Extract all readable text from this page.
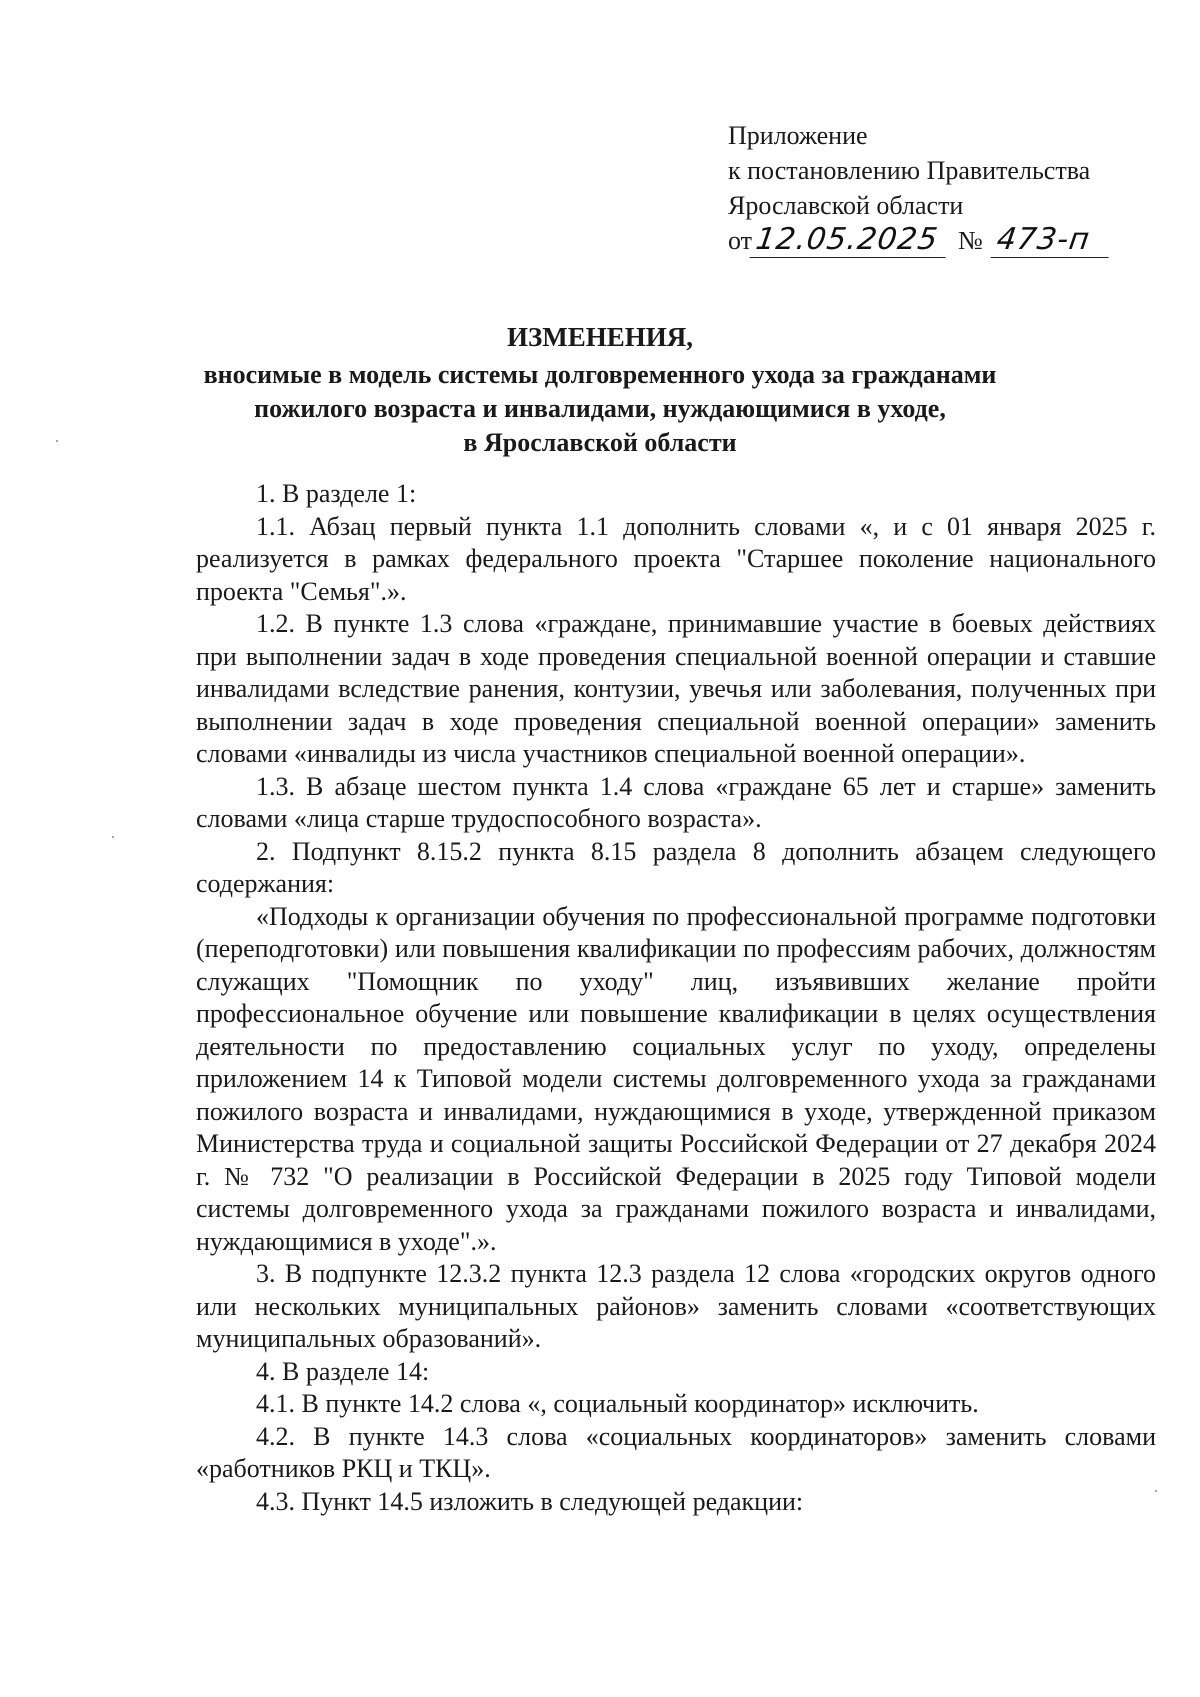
Приложение
к постановлению Правительства
Ярославской области
от 12.05.2025 № 473-п
ИЗМЕНЕНИЯ,
вносимые в модель системы долговременного ухода за гражданами
пожилого возраста и инвалидами, нуждающимися в уходе,
в Ярославской области

1. В разделе 1:

1.1. Абзац первый пункта 1.1 дополнить словами «, и с 01 января 2025 г. реализуется в рамках федерального проекта "Старшее поколение национального проекта "Семья".».

1.2. В пункте 1.3 слова «граждане, принимавшие участие в боевых действиях при выполнении задач в ходе проведения специальной военной операции и ставшие инвалидами вследствие ранения, контузии, увечья или заболевания, полученных при выполнении задач в ходе проведения специальной военной операции» заменить словами «инвалиды из числа участников специальной военной операции».

1.3. В абзаце шестом пункта 1.4 слова «граждане 65 лет и старше» заменить словами «лица старше трудоспособного возраста».

2. Подпункт 8.15.2 пункта 8.15 раздела 8 дополнить абзацем следующего содержания:

«Подходы к организации обучения по профессиональной программе подготовки (переподготовки) или повышения квалификации по профессиям рабочих, должностям служащих "Помощник по уходу" лиц, изъявивших желание пройти профессиональное обучение или повышение квалификации в целях осуществления деятельности по предоставлению социальных услуг по уходу, определены приложением 14 к Типовой модели системы долговременного ухода за гражданами пожилого возраста и инвалидами, нуждающимися в уходе, утвержденной приказом Министерства труда и социальной защиты Российской Федерации от 27 декабря 2024 г. № 732 "О реализации в Российской Федерации в 2025 году Типовой модели системы долговременного ухода за гражданами пожилого возраста и инвалидами, нуждающимися в уходе".».

3. В подпункте 12.3.2 пункта 12.3 раздела 12 слова «городских округов одного или нескольких муниципальных районов» заменить словами «соответствующих муниципальных образований».

4. В разделе 14:

4.1. В пункте 14.2 слова «, социальный координатор» исключить.

4.2. В пункте 14.3 слова «социальных координаторов» заменить словами «работников РКЦ и ТКЦ».

4.3. Пункт 14.5 изложить в следующей редакции:
